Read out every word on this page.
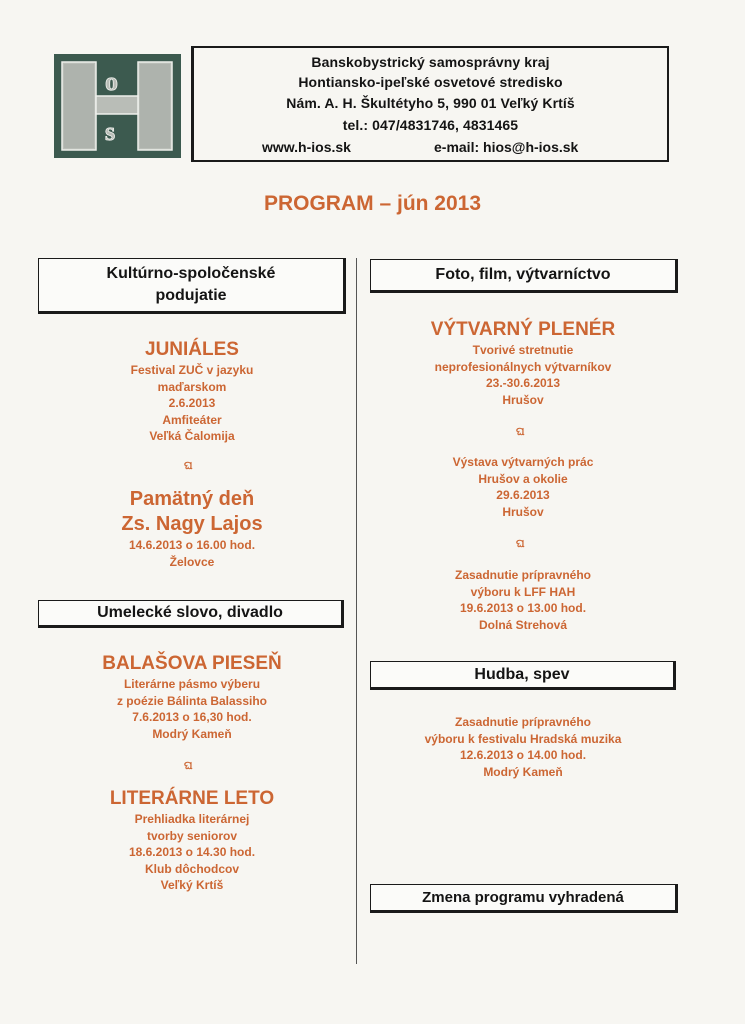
o
s
Banskobystrický samosprávny kraj
Hontiansko-ipeľské osvetové stredisko
Nám. A. H. Škultétyho 5, 990 01 Veľký Krtíš
tel.: 047/4831746, 4831465
www.h-ios.sk	e-mail: hios@h-ios.sk
PROGRAM – jún 2013
Kultúrno-spoločenské
podujatie
JUNIÁLES
Festival ZUČ v jazyku
maďarskom
2.6.2013
Amfiteáter
Veľká Čalomija
ଘ
Pamätný deň
Zs. Nagy Lajos
14.6.2013 o 16.00 hod.
Želovce
Umelecké slovo, divadlo
BALAŠOVA PIESEŇ
Literárne pásmo výberu
z poézie Bálinta Balassiho
7.6.2013 o 16,30 hod.
Modrý Kameň
ଘ
LITERÁRNE LETO
Prehliadka literárnej
tvorby seniorov
18.6.2013 o 14.30 hod.
Klub dôchodcov
Veľký Krtíš
Foto, film, výtvarníctvo
VÝTVARNÝ PLENÉR
Tvorivé stretnutie
neprofesionálnych výtvarníkov
23.-30.6.2013
Hrušov
ଘ
Výstava výtvarných prác
Hrušov a okolie
29.6.2013
Hrušov
ଘ
Zasadnutie prípravného
výboru k LFF HAH
19.6.2013 o 13.00 hod.
Dolná Strehová
Hudba, spev
Zasadnutie prípravného
výboru k festivalu Hradská muzika
12.6.2013 o 14.00 hod.
Modrý Kameň
Zmena programu vyhradená
